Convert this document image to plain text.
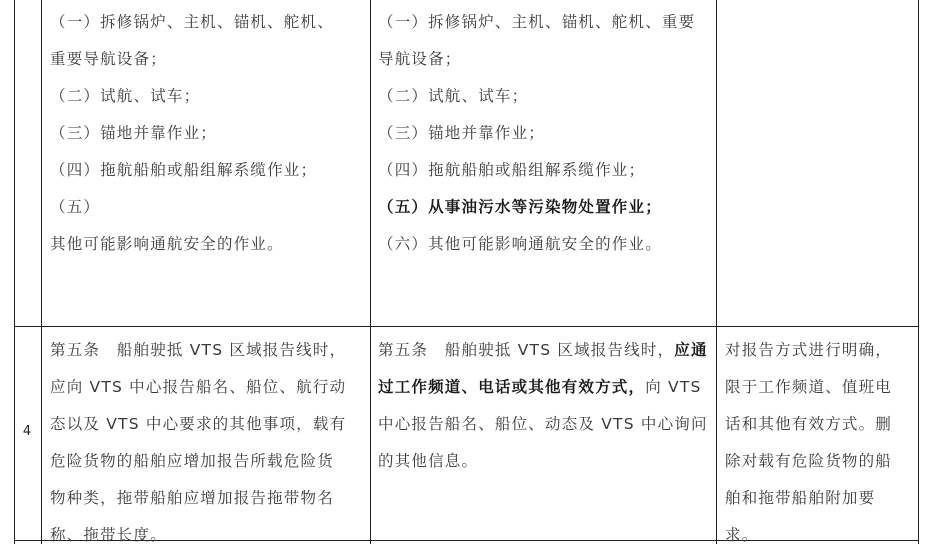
（一）拆修锅炉、主机、锚机、舵机、

重要导航设备；

（二）试航、试车；

（三）锚地并靠作业；

（四）拖航船舶或船组解系缆作业；

（五）

其他可能影响通航安全的作业。

（一）拆修锅炉、主机、锚机、舵机、重要

导航设备；

（二）试航、试车；

（三）锚地并靠作业；

（四）拖航船舶或船组解系缆作业；

（五）从事油污水等污染物处置作业；

（六）其他可能影响通航安全的作业。

4

第五条　船舶驶抵 VTS 区域报告线时，

应向 VTS 中心报告船名、船位、航行动

态以及 VTS 中心要求的其他事项，载有

危险货物的船舶应增加报告所载危险货

物种类，拖带船舶应增加报告拖带物名

称、拖带长度。

第五条　船舶驶抵 VTS 区域报告线时，应通

过工作频道、电话或其他有效方式，向 VTS

中心报告船名、船位、动态及 VTS 中心询问

的其他信息。

对报告方式进行明确，

限于工作频道、值班电

话和其他有效方式。删

除对载有危险货物的船

舶和拖带船舶附加要

求。
